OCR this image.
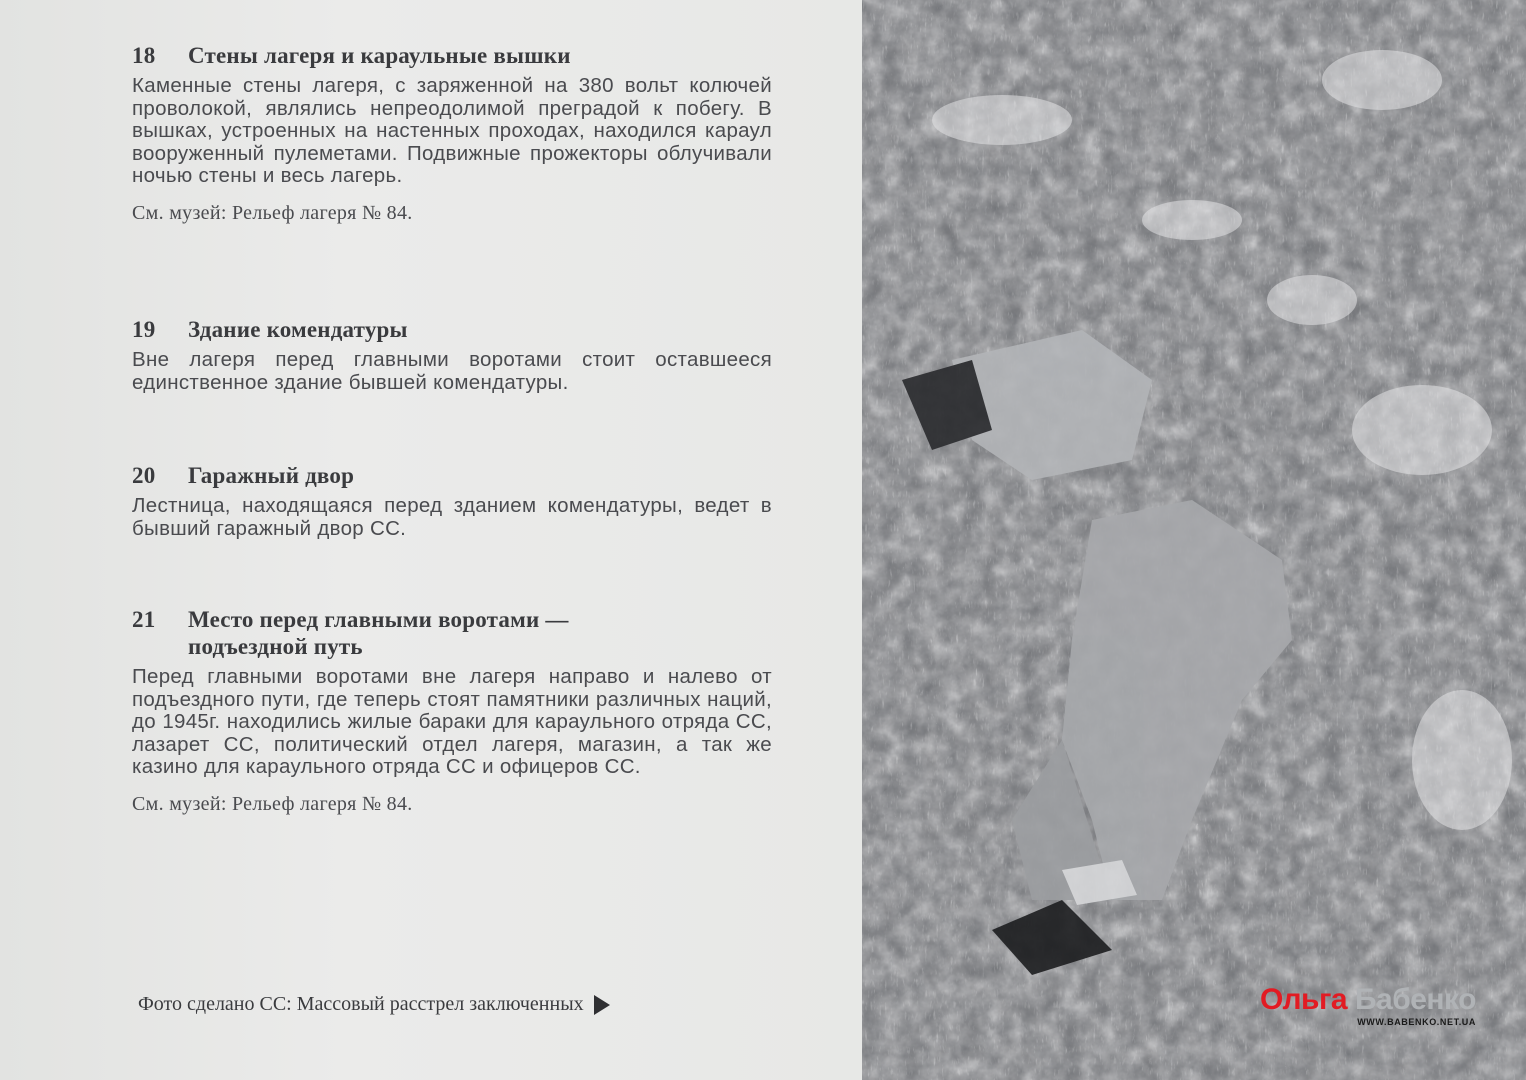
18	Стены лагеря и караульные вышки

Каменные стены лагеря, с заряженной на 380 вольт колючей проволокой, являлись непреодолимой преградой к побегу. В вышках, устроенных на настенных проходах, находился караул вооруженный пулеметами. Подвижные прожекторы облучивали ночью стены и весь лагерь.

См. музей: Рельеф лагеря № 84.

19	Здание комендатуры

Вне лагеря перед главными воротами стоит оставшееся единственное здание бывшей комендатуры.

20	Гаражный двор

Лестница, находящаяся перед зданием комендатуры, ведет в бывший гаражный двор СС.

21	Место перед главными воротами — подъездной путь

Перед главными воротами вне лагеря направо и налево от подъездного пути, где теперь стоят памятники различных наций, до 1945г. находились жилые бараки для караульного отряда СС, лазарет СС, политический отдел лагеря, магазин, а так же казино для караульного отряда СС и офицеров СС.

См. музей: Рельеф лагеря № 84.

Фото сделано СС: Массовый расстрел заключенных	Ольга Бабенко
WWW.BABENKO.NET.UA
